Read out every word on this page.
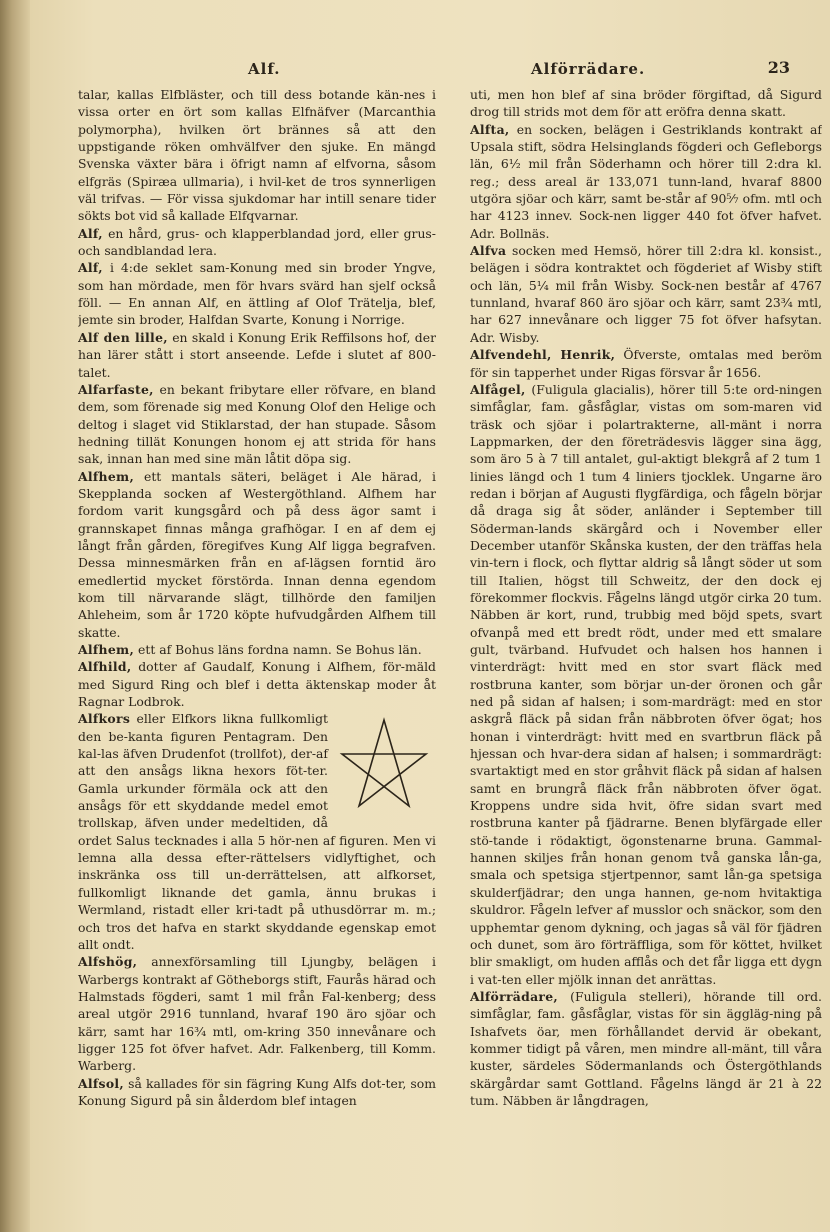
Alf.	Alförrädare.	23

talar, kallas Elfbläster, och till dess botande kän-nes i vissa orter en ört som kallas Elfnäfver (Marcanthia polymorpha), hvilken ört brännes så att den uppstigande röken omhvälfver den sjuke. En mängd Svenska växter bära i öfrigt namn af elfvorna, såsom elfgräs (Spiræa ullmaria), i hvil-ket de tros synnerligen väl trifvas. — För vissa sjukdomar har intill senare tider sökts bot vid så kallade Elfqvarnar.

Alf, en hård, grus- och klapperblandad jord, eller grus- och sandblandad lera.

Alf, i 4:de seklet sam-Konung med sin broder Yngve, som han mördade, men för hvars svärd han sjelf också föll. — En annan Alf, en ättling af Olof Trätelja, blef, jemte sin broder, Halfdan Svarte, Konung i Norrige.

Alf den lille, en skald i Konung Erik Reffilsons hof, der han lärer stått i stort anseende. Lefde i slutet af 800-talet.

Alfarfaste, en bekant fribytare eller röfvare, en bland dem, som förenade sig med Konung Olof den Helige och deltog i slaget vid Stiklarstad, der han stupade. Såsom hedning tillät Konungen honom ej att strida för hans sak, innan han med sine män låtit döpa sig.

Alfhem, ett mantals säteri, beläget i Ale härad, i Skepplanda socken af Westergöthland. Alfhem har fordom varit kungsgård och på dess ägor samt i grannskapet finnas många grafhögar. I en af dem ej långt från gården, föregifves Kung Alf ligga begrafven. Dessa minnesmärken från en af-lägsen forntid äro emedlertid mycket förstörda. Innan denna egendom kom till närvarande slägt, tillhörde den familjen Ahleheim, som år 1720 köpte hufvudgården Alfhem till skatte.

Alfhem, ett af Bohus läns fordna namn. Se Bohus län.

Alfhild, dotter af Gaudalf, Konung i Alfhem, för-mäld med Sigurd Ring och blef i detta äktenskap moder åt Ragnar Lodbrok.

Alfkors eller Elfkors likna fullkomligt den be-kanta figuren Pentagram. Den kal-las äfven Drudenfot (trollfot), der-af att den ansågs likna hexors föt-ter. Gamla urkunder förmäla ock att den ansågs för ett skyddande medel emot trollskap, äfven under medeltiden, då ordet Salus tecknades i alla 5 hör-nen af figuren. Men vi lemna alla dessa efter-rättelsers vidlyftighet, och inskränka oss till un-derrättelsen, att alfkorset, fullkomligt liknande det gamla, ännu brukas i Wermland, ristadt eller kri-tadt på uthusdörrar m. m.; och tros det hafva en starkt skyddande egenskap emot allt ondt.

Alfshög, annexförsamling till Ljungby, belägen i Warbergs kontrakt af Götheborgs stift, Faurås härad och Halmstads fögderi, samt 1 mil från Fal-kenberg; dess areal utgör 2916 tunnland, hvaraf 190 äro sjöar och kärr, samt har 16¾ mtl, om-kring 350 innevånare och ligger 125 fot öfver hafvet. Adr. Falkenberg, till Komm. Warberg.

Alfsol, så kallades för sin fägring Kung Alfs dot-ter, som Konung Sigurd på sin ålderdom blef intagen

uti, men hon blef af sina bröder förgiftad, då Sigurd drog till strids mot dem för att eröfra denna skatt.

Alfta, en socken, belägen i Gestriklands kontrakt af Upsala stift, södra Helsinglands fögderi och Gefleborgs län, 6½ mil från Söderhamn och hörer till 2:dra kl. reg.; dess areal är 133,071 tunn-land, hvaraf 8800 utgöra sjöar och kärr, samt be-står af 90⁵⁄₇ ofm. mtl och har 4123 innev. Sock-nen ligger 440 fot öfver hafvet. Adr. Bollnäs.

Alfva socken med Hemsö, hörer till 2:dra kl. konsist., belägen i södra kontraktet och fögderiet af Wisby stift och län, 5¼ mil från Wisby. Sock-nen består af 4767 tunnland, hvaraf 860 äro sjöar och kärr, samt 23¾ mtl, har 627 innevånare och ligger 75 fot öfver hafsytan. Adr. Wisby.

Alfvendehl, Henrik, Öfverste, omtalas med beröm för sin tapperhet under Rigas försvar år 1656.

Alfågel, (Fuligula glacialis), hörer till 5:te ord-ningen simfåglar, fam. gåsfåglar, vistas om som-maren vid träsk och sjöar i polartrakterne, all-mänt i norra Lappmarken, der den företrädesvis lägger sina ägg, som äro 5 à 7 till antalet, gul-aktigt blekgrå af 2 tum 1 linies längd och 1 tum 4 liniers tjocklek. Ungarne äro redan i början af Augusti flygfärdiga, och fågeln börjar då draga sig åt söder, anländer i September till Söderman-lands skärgård och i November eller December utanför Skånska kusten, der den träffas hela vin-tern i flock, och flyttar aldrig så långt söder ut som till Italien, högst till Schweitz, der den dock ej förekommer flockvis. Fågelns längd utgör cirka 20 tum. Näbben är kort, rund, trubbig med böjd spets, svart ofvanpå med ett bredt rödt, under med ett smalare gult, tvärband. Hufvudet och halsen hos hannen i vinterdrägt: hvitt med en stor svart fläck med rostbruna kanter, som börjar un-der öronen och går ned på sidan af halsen; i som-mardrägt: med en stor askgrå fläck på sidan från näbbroten öfver ögat; hos honan i vinterdrägt: hvitt med en svartbrun fläck på hjessan och hvar-dera sidan af halsen; i sommardrägt: svartaktigt med en stor gråhvit fläck på sidan af halsen samt en brungrå fläck från näbbroten öfver ögat. Kroppens undre sida hvit, öfre sidan svart med rostbruna kanter på fjädrarne. Benen blyfärgade eller stö-tande i rödaktigt, ögonstenarne bruna. Gammal-hannen skiljes från honan genom två ganska lån-ga, smala och spetsiga stjertpennor, samt lån-ga spetsiga skulderfjädrar; den unga hannen, ge-nom hvitaktiga skuldror. Fågeln lefver af musslor och snäckor, som den upphemtar genom dykning, och jagas så väl för fjädren och dunet, som äro förträffliga, som för köttet, hvilket blir smakligt, om huden afflås och det får ligga ett dygn i vat-ten eller mjölk innan det anrättas.

Alförrädare, (Fuligula stelleri), hörande till ord. simfåglar, fam. gåsfåglar, vistas för sin äggläg-ning på Ishafvets öar, men förhållandet dervid är obekant, kommer tidigt på våren, men mindre all-mänt, till våra kuster, särdeles Södermanlands och Östergöthlands skärgårdar samt Gottland. Fågelns längd är 21 à 22 tum. Näbben är långdragen,
